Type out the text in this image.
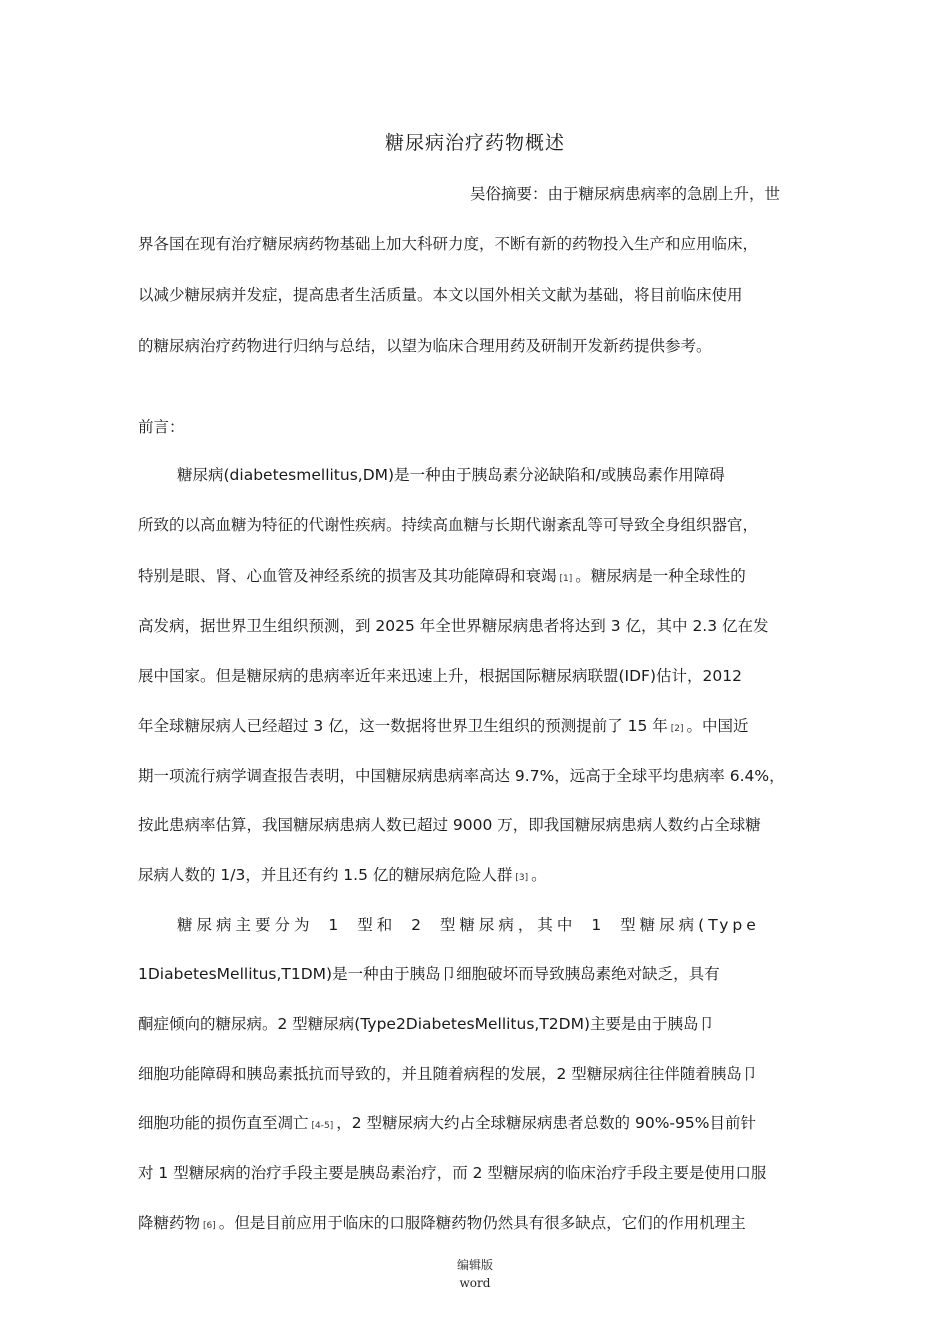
糖尿病治疗药物概述
吴俗摘要：由于糖尿病患病率的急剧上升，世
界各国在现有治疗糖尿病药物基础上加大科研力度，不断有新的药物投入生产和应用临床，
以减少糖尿病并发症，提高患者生活质量。本文以国外相关文献为基础，将目前临床使用
的糖尿病治疗药物进行归纳与总结，以望为临床合理用药及研制开发新药提供参考。
前言：
糖尿病(diabetesmellitus,DM)是一种由于胰岛素分泌缺陷和/或胰岛素作用障碍
所致的以高血糖为特征的代谢性疾病。持续高血糖与长期代谢紊乱等可导致全身组织器官，
特别是眼、肾、心血管及神经系统的损害及其功能障碍和衰竭 [1] 。糖尿病是一种全球性的
高发病，据世界卫生组织预测，到 2025 年全世界糖尿病患者将达到 3 亿，其中 2.3 亿在发
展中国家。但是糖尿病的患病率近年来迅速上升，根据国际糖尿病联盟(IDF)估计，2012
年全球糖尿病人已经超过 3 亿，这一数据将世界卫生组织的预测提前了 15 年 [2] 。中国近
期一项流行病学调查报告表明，中国糖尿病患病率高达 9.7%，远高于全球平均患病率 6.4%，
按此患病率估算，我国糖尿病患病人数已超过 9000 万，即我国糖尿病患病人数约占全球糖
尿病人数的 1/3，并且还有约 1.5 亿的糖尿病危险人群 [3] 。
糖尿病主要分为 1 型和 2 型糖尿病，其中 1 型糖尿病(Type
1DiabetesMellitus,T1DM)是一种由于胰岛卩细胞破坏而导致胰岛素绝对缺乏，具有
酮症倾向的糖尿病。2 型糖尿病(Type2DiabetesMellitus,T2DM)主要是由于胰岛卩
细胞功能障碍和胰岛素抵抗而导致的，并且随着病程的发展，2 型糖尿病往往伴随着胰岛卩
细胞功能的损伤直至凋亡 [4-5] ，2 型糖尿病大约占全球糖尿病患者总数的 90%-95%目前针
对 1 型糖尿病的治疗手段主要是胰岛素治疗，而 2 型糖尿病的临床治疗手段主要是使用口服
降糖药物 [6] 。但是目前应用于临床的口服降糖药物仍然具有很多缺点，它们的作用机理主
编辑版
word
